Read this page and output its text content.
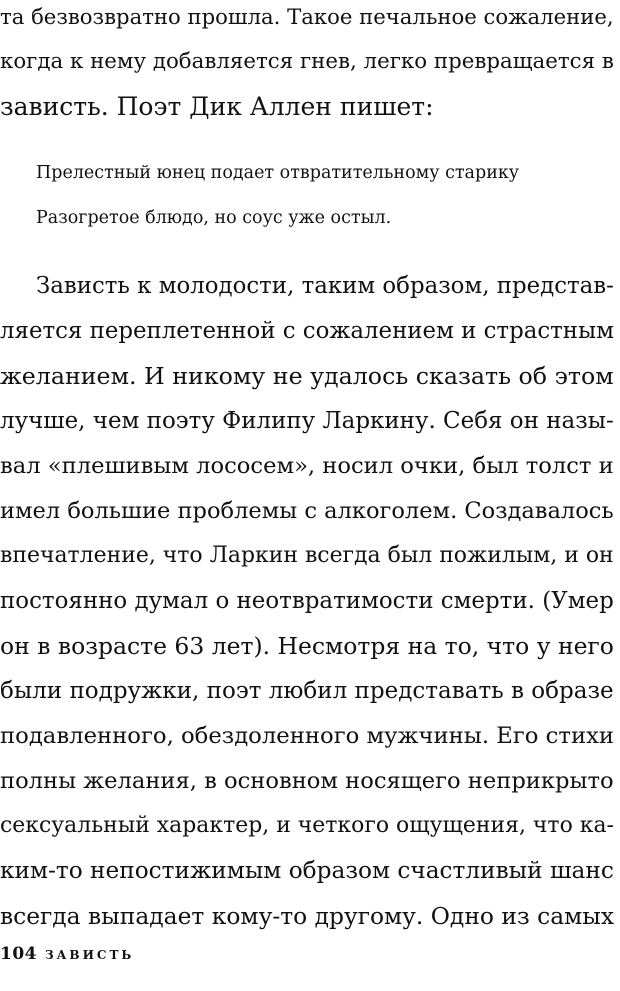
та безвозвратно прошла. Такое печальное сожаление,
когда к нему добавляется гнев, легко превращается в
зависть. Поэт Дик Аллен пишет:
Прелестный юнец подает отвратительному старику
Разогретое блюдо, но соус уже остыл.
Зависть к молодости, таким образом, представ-
ляется переплетенной с сожалением и страстным
желанием. И никому не удалось сказать об этом
лучше, чем поэту Филипу Ларкину. Себя он назы-
вал «плешивым лососем», носил очки, был толст и
имел большие проблемы с алкоголем. Создавалось
впечатление, что Ларкин всегда был пожилым, и он
постоянно думал о неотвратимости смерти. (Умер
он в возрасте 63 лет). Несмотря на то, что у него
были подружки, поэт любил представать в образе
подавленного, обездоленного мужчины. Его стихи
полны желания, в основном носящего неприкрыто
сексуальный характер, и четкого ощущения, что ка-
ким-то непостижимым образом счастливый шанс
всегда выпадает кому-то другому. Одно из самых
104 ЗАВИСТЬ
